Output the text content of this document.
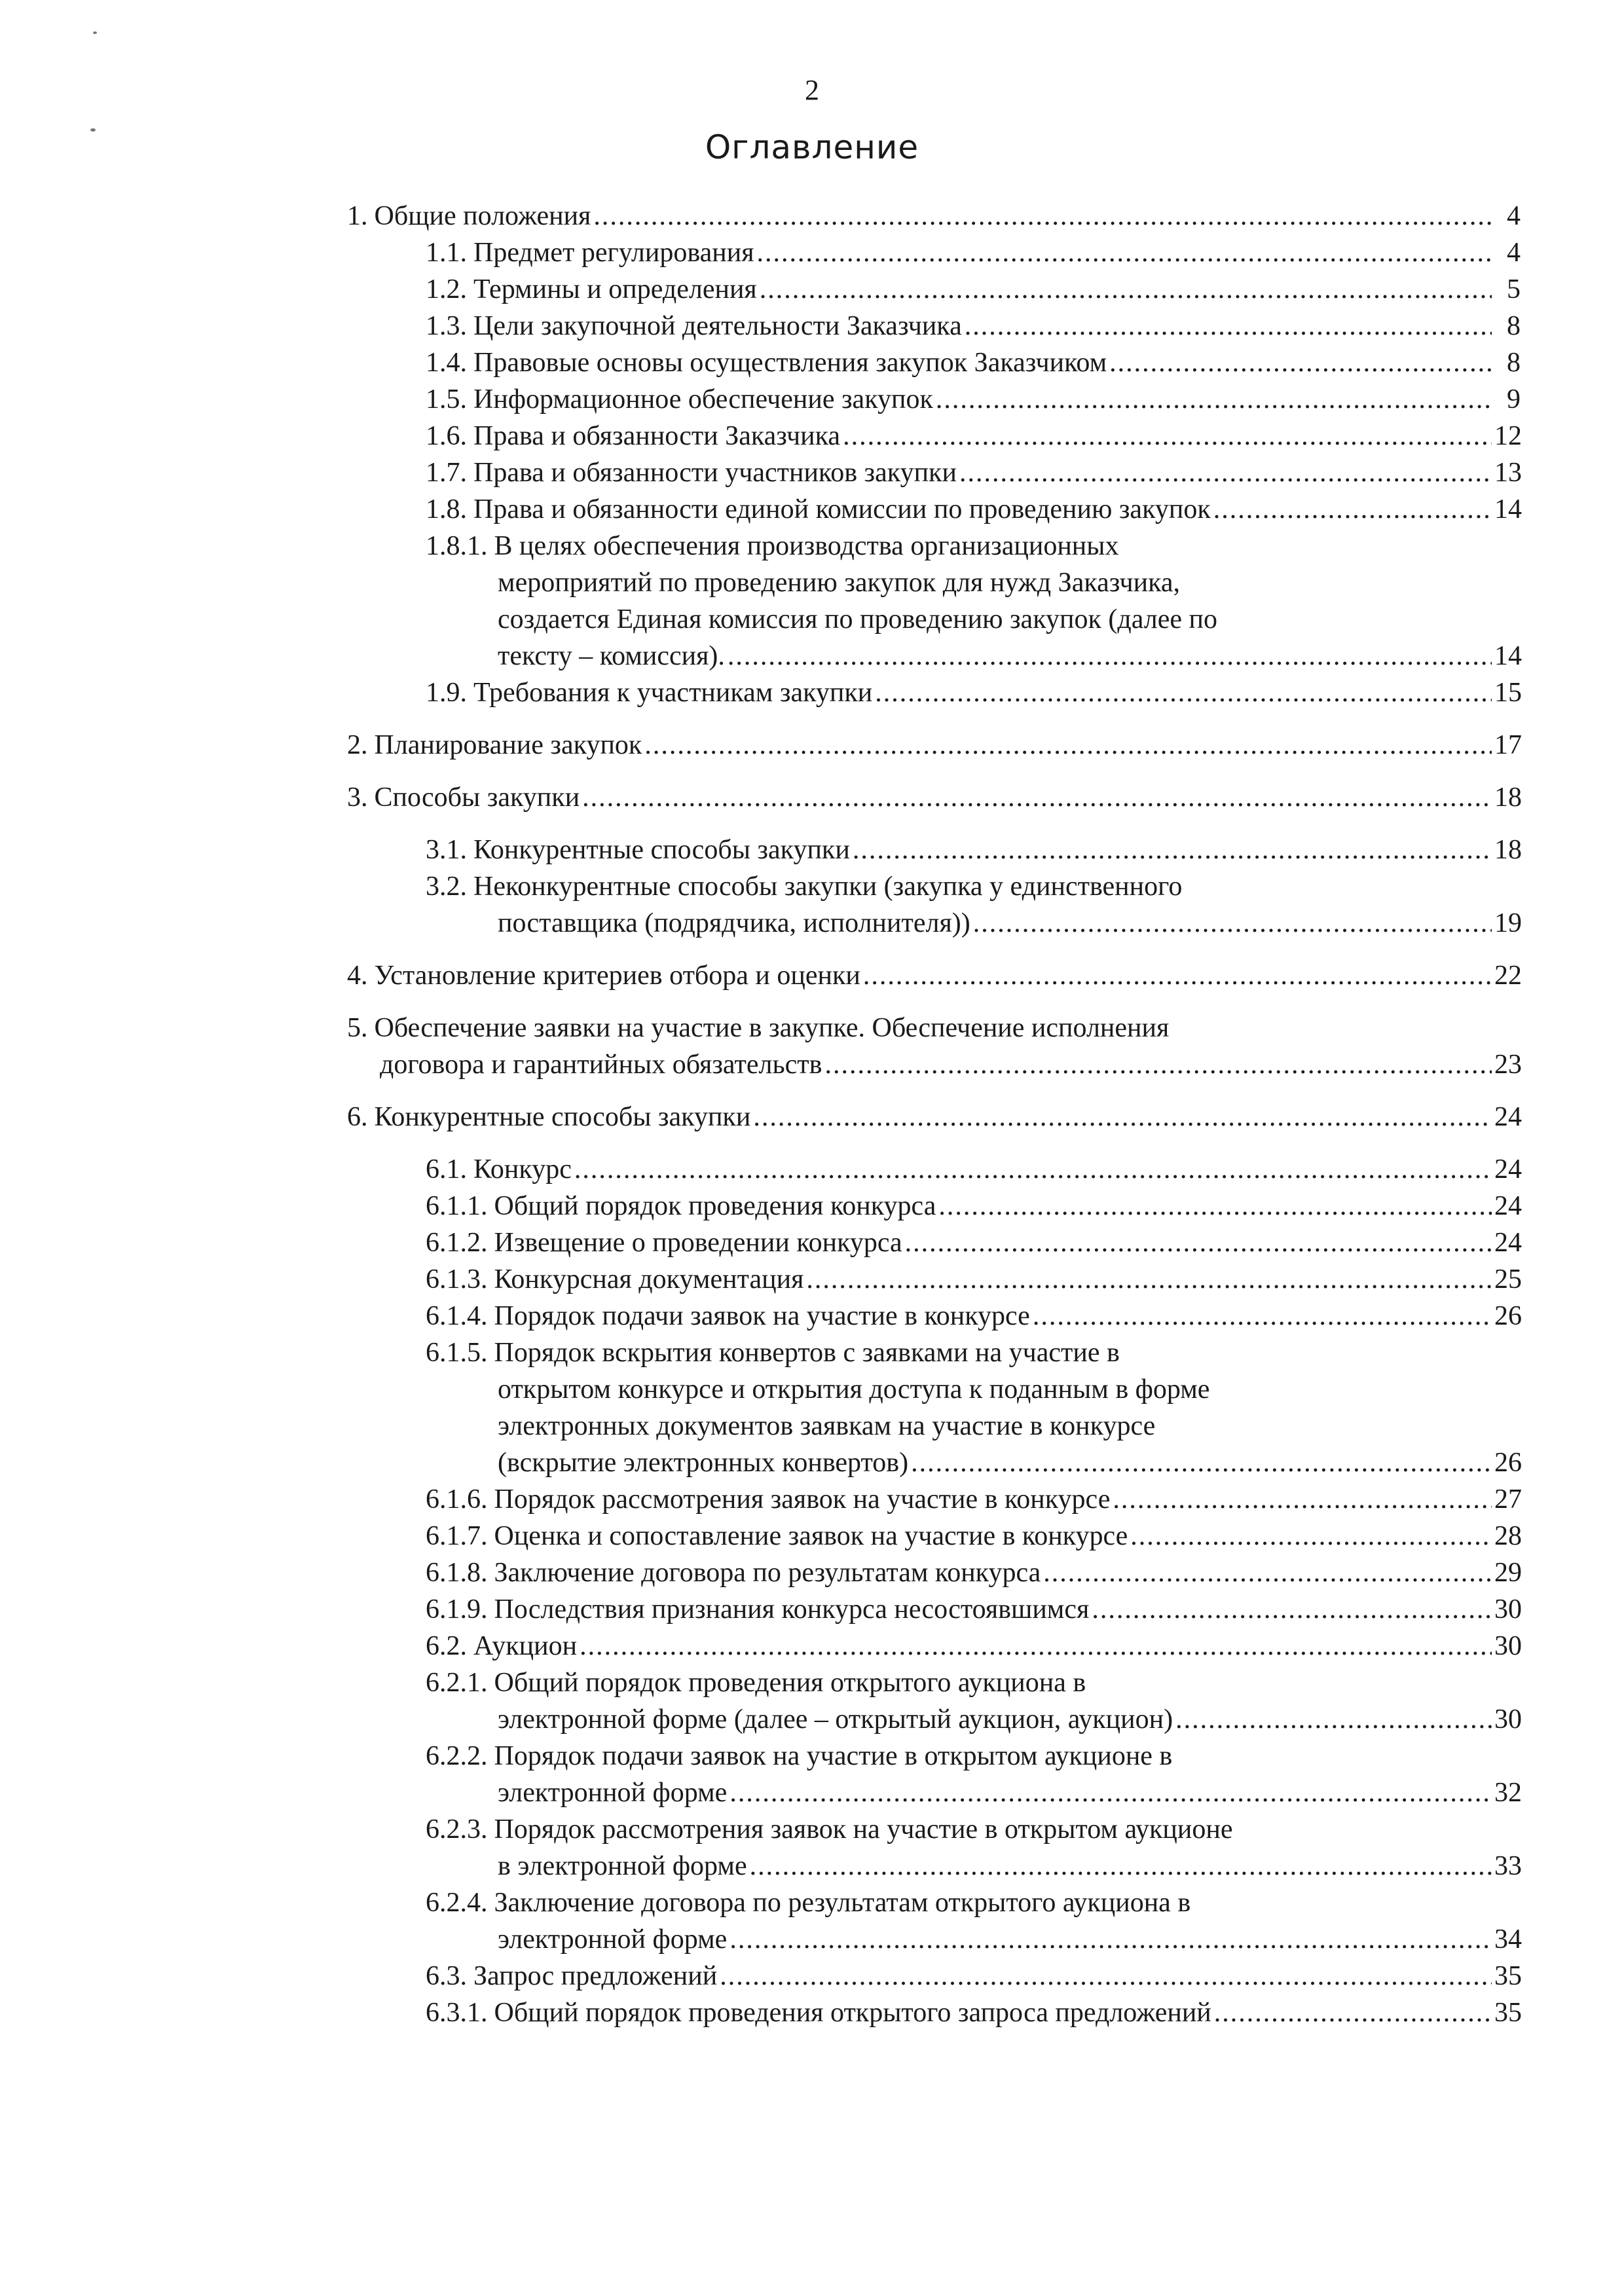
2
Оглавление
1. Общие положения .....	4
1.1. Предмет регулирования .....	4
1.2. Термины и определения .....	5
1.3. Цели закупочной деятельности Заказчика .....	8
1.4. Правовые основы осуществления закупок Заказчиком .....	8
1.5. Информационное обеспечение закупок .....	9
1.6. Права и обязанности Заказчика .....	12
1.7. Права и обязанности участников закупки .....	13
1.8. Права и обязанности единой комиссии по проведению закупок .....	14
1.8.1. В целях обеспечения производства организационных
мероприятий по проведению закупок для нужд Заказчика,
создается Единая комиссия по проведению закупок (далее по
тексту – комиссия). .....	14
1.9. Требования к участникам закупки .....	15
2. Планирование закупок .....	17
3. Способы закупки .....	18
3.1. Конкурентные способы закупки .....	18
3.2. Неконкурентные способы закупки (закупка у единственного
поставщика (подрядчика, исполнителя)) .....	19
4. Установление критериев отбора и оценки .....	22
5. Обеспечение заявки на участие в закупке. Обеспечение исполнения
договора и гарантийных обязательств .....	23
6. Конкурентные способы закупки .....	24
6.1. Конкурс .....	24
6.1.1. Общий порядок проведения конкурса .....	24
6.1.2. Извещение о проведении конкурса .....	24
6.1.3. Конкурсная документация .....	25
6.1.4. Порядок подачи заявок на участие в конкурсе .....	26
6.1.5. Порядок вскрытия конвертов с заявками на участие в
открытом конкурсе и открытия доступа к поданным в форме
электронных документов заявкам на участие в конкурсе
(вскрытие электронных конвертов) .....	26
6.1.6. Порядок рассмотрения заявок на участие в конкурсе .....	27
6.1.7. Оценка и сопоставление заявок на участие в конкурсе .....	28
6.1.8. Заключение договора по результатам конкурса .....	29
6.1.9. Последствия признания конкурса несостоявшимся .....	30
6.2. Аукцион .....	30
6.2.1. Общий порядок проведения открытого аукциона в
электронной форме (далее – открытый аукцион, аукцион) .....	30
6.2.2. Порядок подачи заявок на участие в открытом аукционе в
электронной форме .....	32
6.2.3. Порядок рассмотрения заявок на участие в открытом аукционе
в электронной форме .....	33
6.2.4. Заключение договора по результатам открытого аукциона в
электронной форме .....	34
6.3. Запрос предложений .....	35
6.3.1. Общий порядок проведения открытого запроса предложений .....	35
